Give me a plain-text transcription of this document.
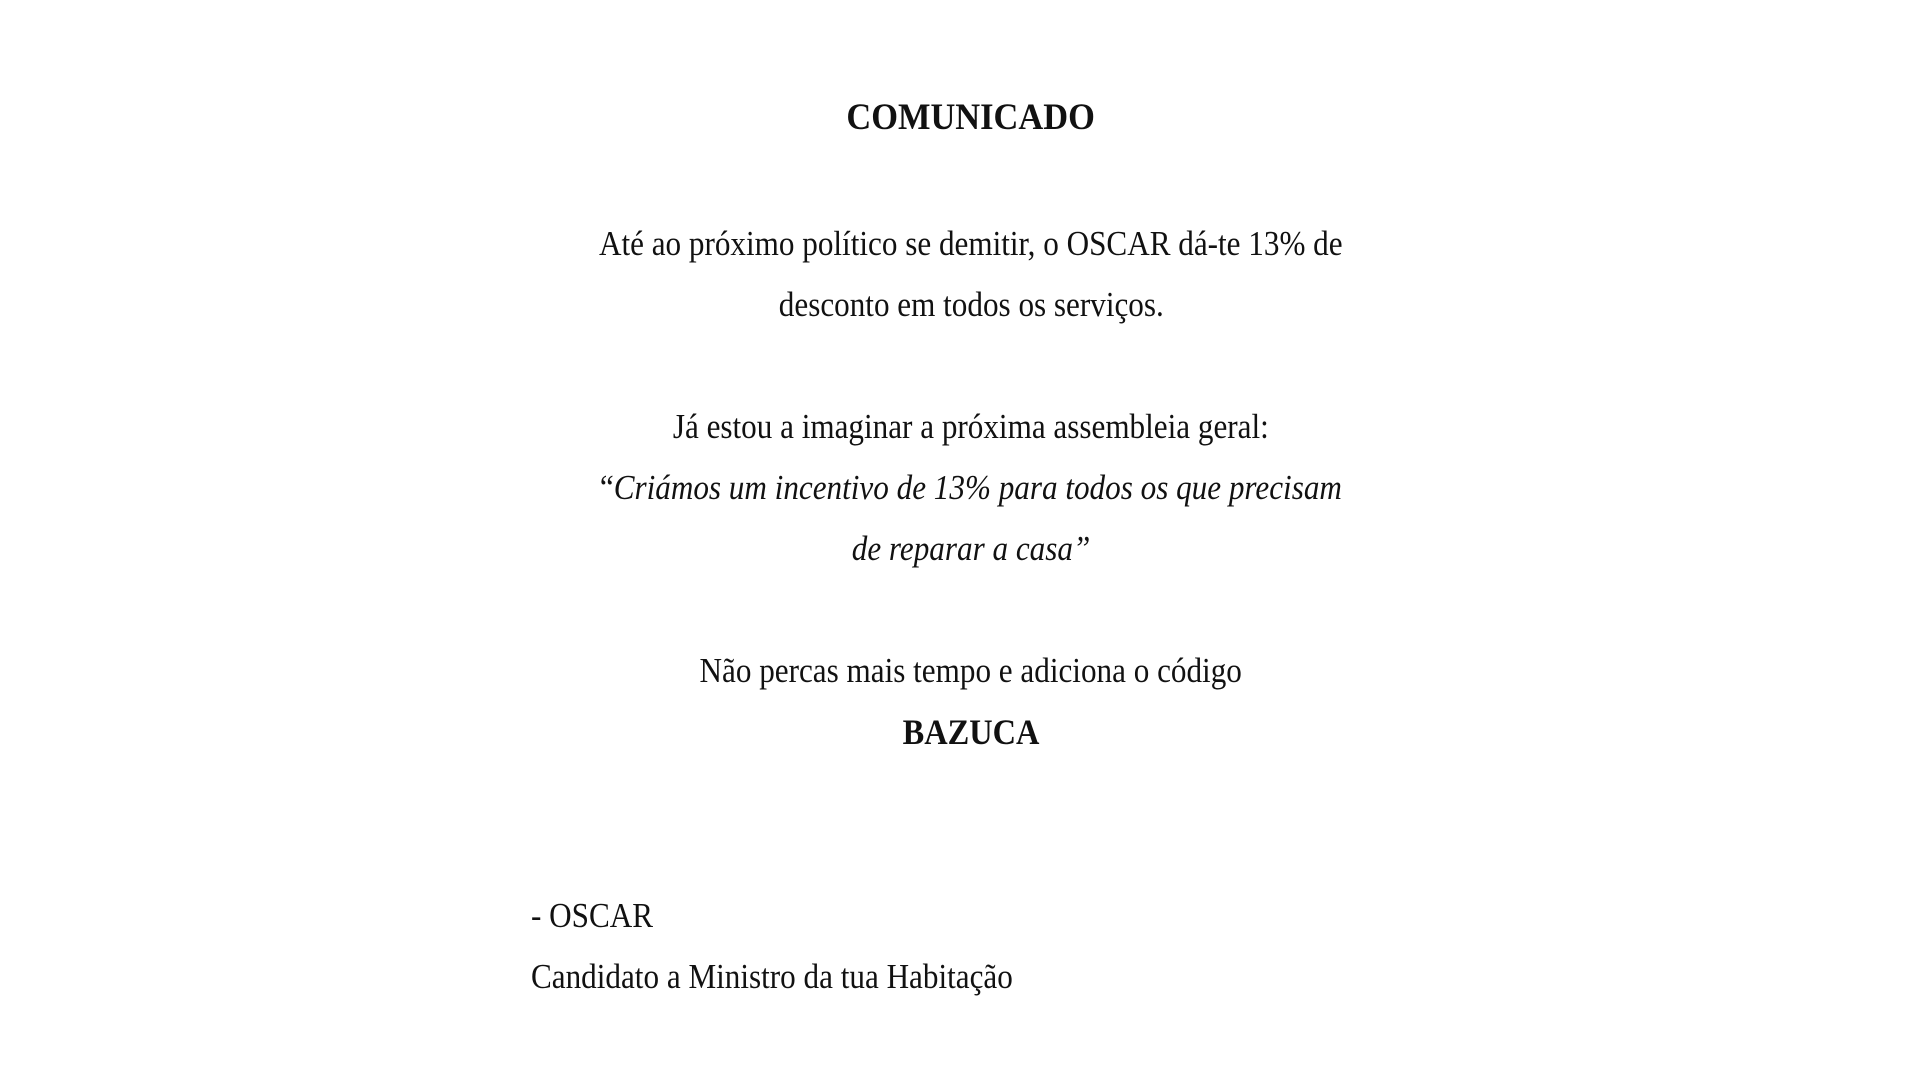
COMUNICADO
Até ao próximo político se demitir, o OSCAR dá-te 13% de
desconto em todos os serviços.
Já estou a imaginar a próxima assembleia geral:
“Criámos um incentivo de 13% para todos os que precisam
de reparar a casa”
Não percas mais tempo e adiciona o código
BAZUCA
- OSCAR
Candidato a Ministro da tua Habitação
